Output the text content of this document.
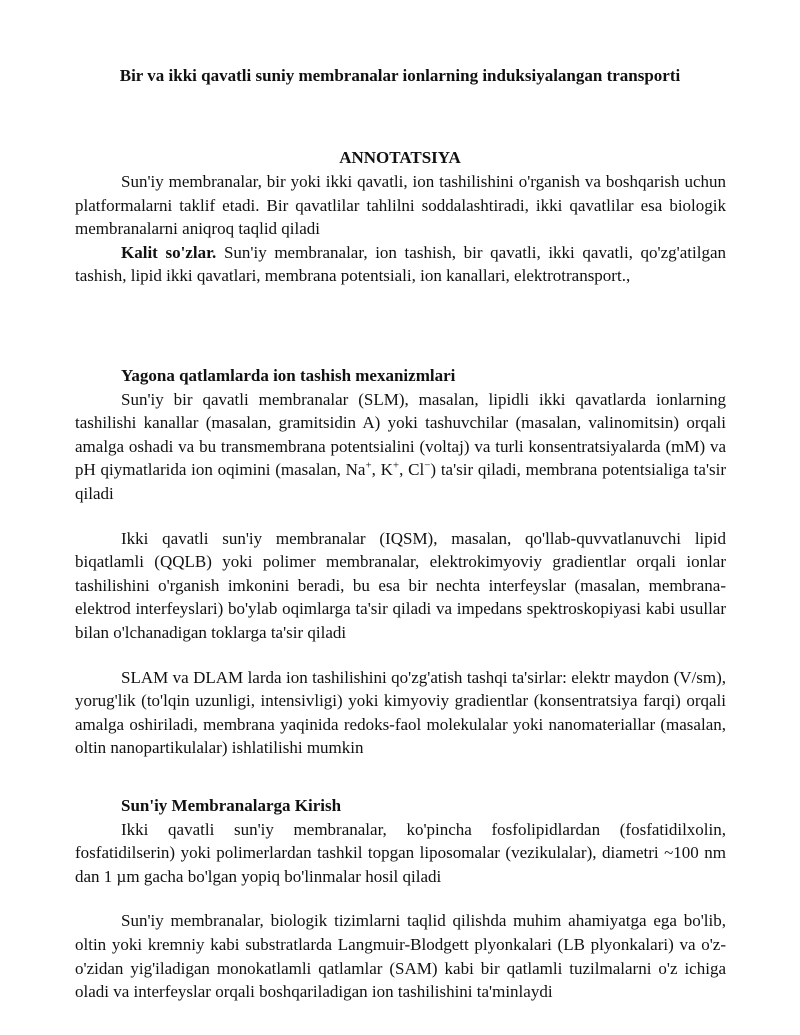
Bir va ikki qavatli suniy membranalar ionlarning induksiyalangan transporti
ANNOTATSIYA

Sun'iy membranalar, bir yoki ikki qavatli, ion tashilishini o'rganish va boshqarish uchun platformalarni taklif etadi. Bir qavatlilar tahlilni soddalashtiradi, ikki qavatlilar esa biologik membranalarni aniqroq taqlid qiladi

Kalit so'zlar. Sun'iy membranalar, ion tashish, bir qavatli, ikki qavatli, qo'zg'atilgan tashish, lipid ikki qavatlari, membrana potentsiali, ion kanallari, elektrotransport.,

Yagona qatlamlarda ion tashish mexanizmlari

Sun'iy bir qavatli membranalar (SLM), masalan, lipidli ikki qavatlarda ionlarning tashilishi kanallar (masalan, gramitsidin A) yoki tashuvchilar (masalan, valinomitsin) orqali amalga oshadi va bu transmembrana potentsialini (voltaj) va turli konsentratsiyalarda (mM) va pH qiymatlarida ion oqimini (masalan, Na+, K+, Cl−) ta'sir qiladi, membrana potentsialiga ta'sir qiladi

Ikki qavatli sun'iy membranalar (IQSM), masalan, qo'llab-quvvatlanuvchi lipid biqatlamli (QQLB) yoki polimer membranalar, elektrokimyoviy gradientlar orqali ionlar tashilishini o'rganish imkonini beradi, bu esa bir nechta interfeyslar (masalan, membrana-elektrod interfeyslari) bo'ylab oqimlarga ta'sir qiladi va impedans spektroskopiyasi kabi usullar bilan o'lchanadigan toklarga ta'sir qiladi

SLAM va DLAM larda ion tashilishini qo'zg'atish tashqi ta'sirlar: elektr maydon (V/sm), yorug'lik (to'lqin uzunligi, intensivligi) yoki kimyoviy gradientlar (konsentratsiya farqi) orqali amalga oshiriladi, membrana yaqinida redoks-faol molekulalar yoki nanomateriallar (masalan, oltin nanopartikulalar) ishlatilishi mumkin

Sun'iy Membranalarga Kirish

Ikki qavatli sun'iy membranalar, ko'pincha fosfolipidlardan (fosfatidilxolin, fosfatidilserin) yoki polimerlardan tashkil topgan liposomalar (vezikulalar), diametri ~100 nm dan 1 µm gacha bo'lgan yopiq bo'linmalar hosil qiladi

Sun'iy membranalar, biologik tizimlarni taqlid qilishda muhim ahamiyatga ega bo'lib, oltin yoki kremniy kabi substratlarda Langmuir-Blodgett plyonkalari (LB plyonkalari) va o'z-o'zidan yig'iladigan monokatlamli qatlamlar (SAM) kabi bir qatlamli tuzilmalarni o'z ichiga oladi va interfeyslar orqali boshqariladigan ion tashilishini ta'minlaydi
